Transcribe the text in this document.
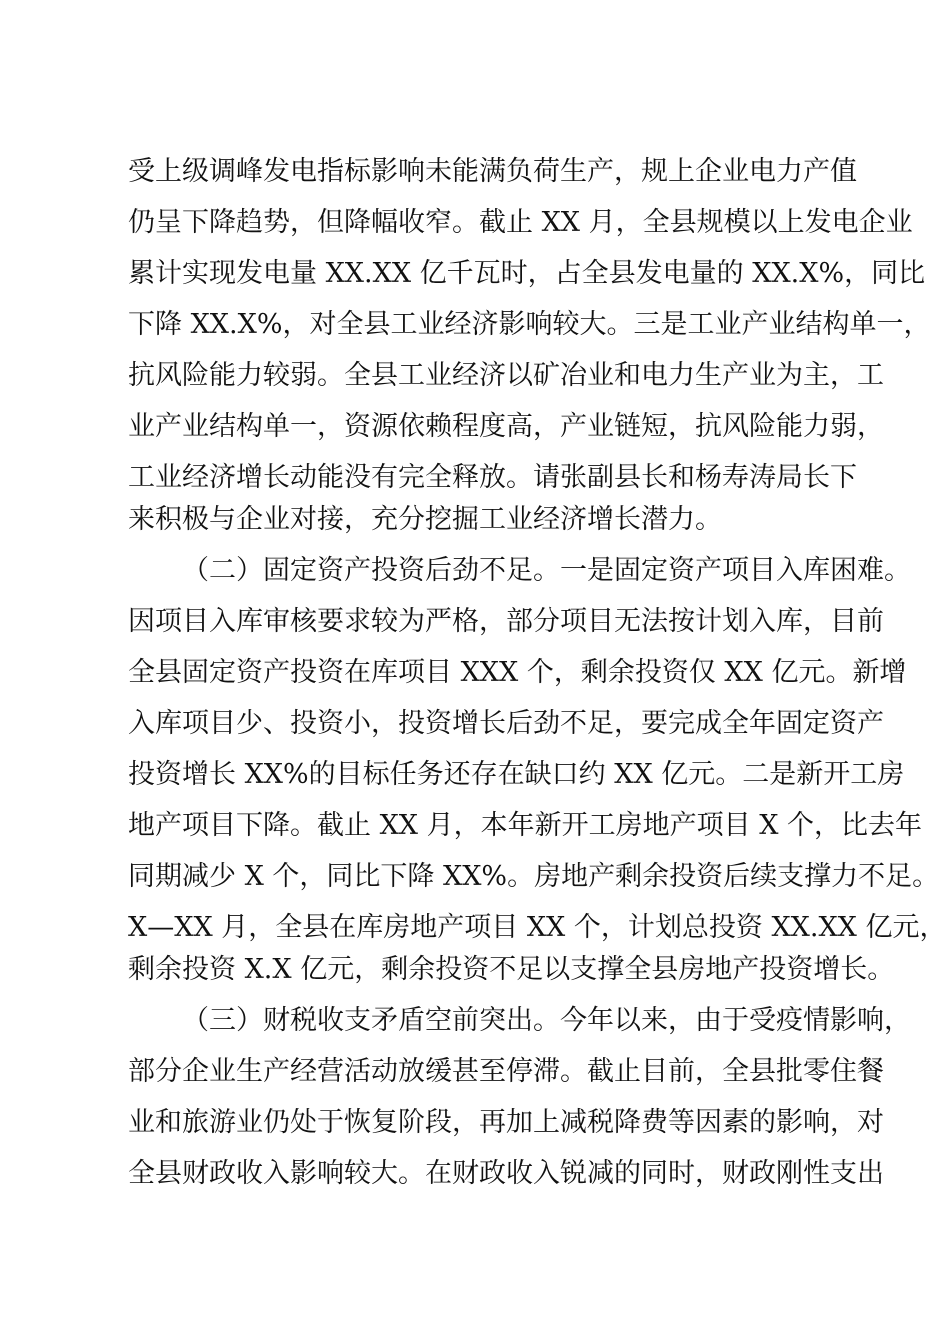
受上级调峰发电指标影响未能满负荷生产，规上企业电力产值
仍呈下降趋势，但降幅收窄。截止 XX 月，全县规模以上发电企业
累计实现发电量 XX.XX 亿千瓦时，占全县发电量的 XX.X%，同比
下降 XX.X%，对全县工业经济影响较大。三是工业产业结构单一，
抗风险能力较弱。全县工业经济以矿冶业和电力生产业为主，工
业产业结构单一，资源依赖程度高，产业链短，抗风险能力弱，
工业经济增长动能没有完全释放。请张副县长和杨寿涛局长下
来积极与企业对接，充分挖掘工业经济增长潜力。
（二）固定资产投资后劲不足。一是固定资产项目入库困难。
因项目入库审核要求较为严格，部分项目无法按计划入库，目前
全县固定资产投资在库项目 XXX 个，剩余投资仅 XX 亿元。新增
入库项目少、投资小，投资增长后劲不足，要完成全年固定资产
投资增长 XX%的目标任务还存在缺口约 XX 亿元。二是新开工房
地产项目下降。截止 XX 月，本年新开工房地产项目 X 个，比去年
同期减少 X 个，同比下降 XX%。房地产剩余投资后续支撑力不足。
X—XX 月，全县在库房地产项目 XX 个，计划总投资 XX.XX 亿元，
剩余投资 X.X 亿元，剩余投资不足以支撑全县房地产投资增长。
（三）财税收支矛盾空前突出。今年以来，由于受疫情影响，
部分企业生产经营活动放缓甚至停滞。截止目前，全县批零住餐
业和旅游业仍处于恢复阶段，再加上减税降费等因素的影响，对
全县财政收入影响较大。在财政收入锐减的同时，财政刚性支出
